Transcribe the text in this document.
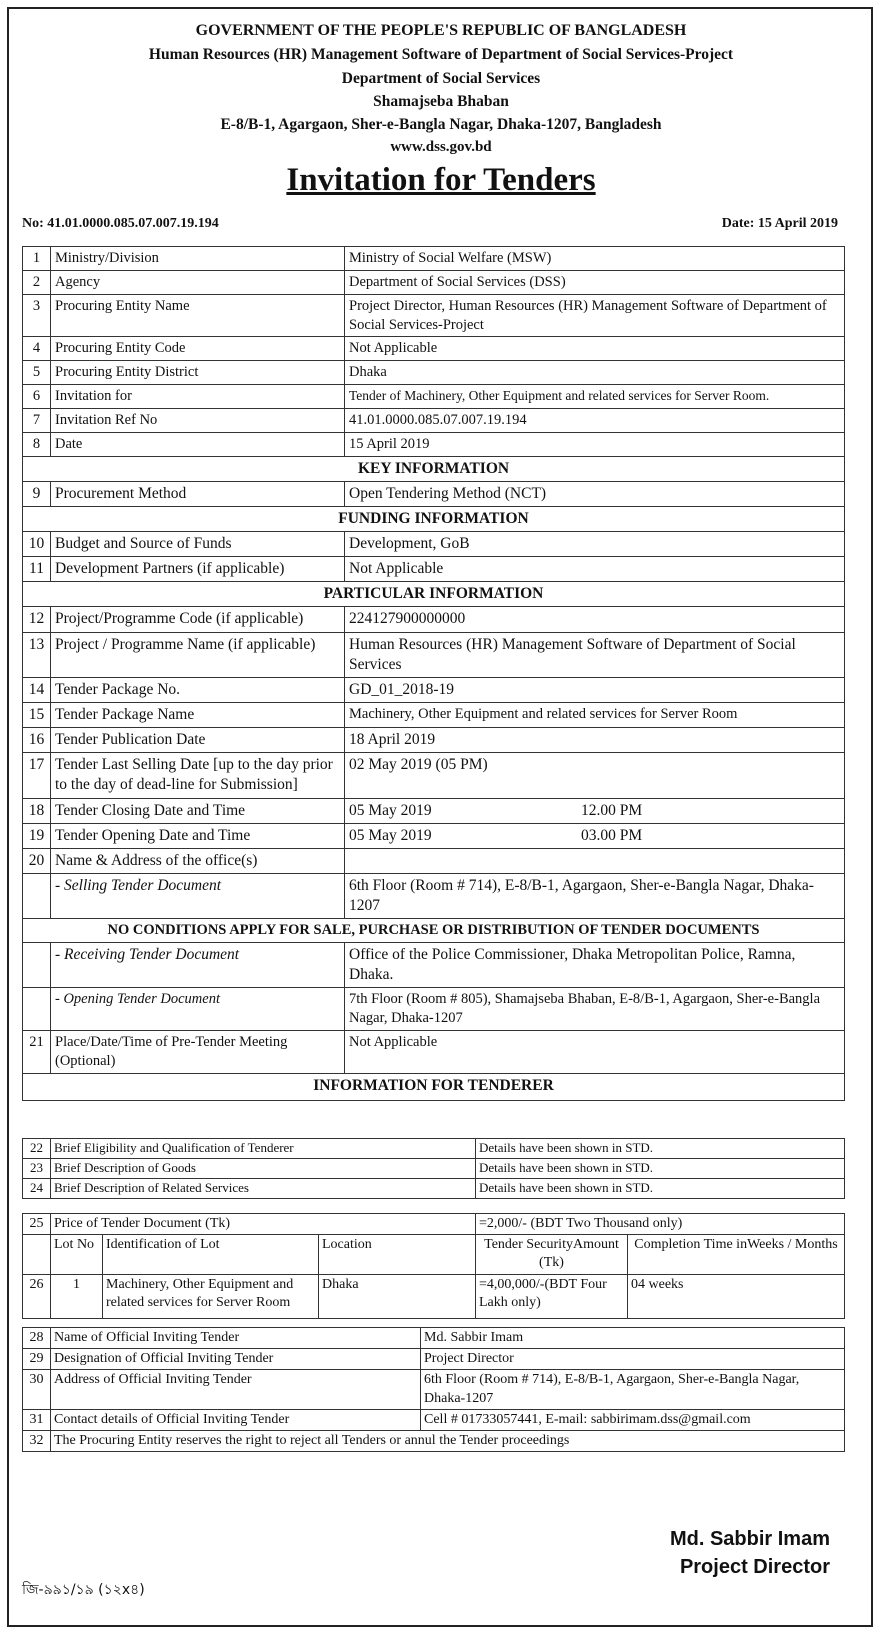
GOVERNMENT OF THE PEOPLE'S REPUBLIC OF BANGLADESH
Human Resources (HR) Management Software of Department of Social Services-Project
Department of Social Services
Shamajseba Bhaban
E-8/B-1, Agargaon, Sher-e-Bangla Nagar, Dhaka-1207, Bangladesh
www.dss.gov.bd
Invitation for Tenders
No: 41.01.0000.085.07.007.19.194	Date: 15 April 2019
1	Ministry/Division	Ministry of Social Welfare (MSW)
2	Agency	Department of Social Services (DSS)
3	Procuring Entity Name	Project Director, Human Resources (HR) Management Software of Department of Social Services-Project
4	Procuring Entity Code	Not Applicable
5	Procuring Entity District	Dhaka
6	Invitation for	Tender of Machinery, Other Equipment and related services for Server Room.
7	Invitation Ref No	41.01.0000.085.07.007.19.194
8	Date	15 April 2019
KEY INFORMATION		
9	Procurement Method	Open Tendering Method (NCT)
FUNDING INFORMATION		
10	Budget and Source of Funds	Development, GoB
11	Development Partners (if applicable)	Not Applicable
PARTICULAR INFORMATION		
12	Project/Programme Code (if applicable)	224127900000000
13	Project / Programme Name (if applicable)	Human Resources (HR) Management Software of Department of Social Services
14	Tender Package No.	GD_01_2018-19
15	Tender Package Name	Machinery, Other Equipment and related services for Server Room
16	Tender Publication Date	18 April 2019
17	Tender Last Selling Date [up to the day prior to the day of dead-line for Submission]	02 May 2019 (05 PM)
18	Tender Closing Date and Time	05 May 2019 12.00 PM
19	Tender Opening Date and Time	05 May 2019 03.00 PM
20	Name & Address of the office(s)	
	- Selling Tender Document	6th Floor (Room # 714), E-8/B-1, Agargaon, Sher-e-Bangla Nagar, Dhaka-1207
NO CONDITIONS APPLY FOR SALE, PURCHASE OR DISTRIBUTION OF TENDER DOCUMENTS		
	- Receiving Tender Document	Office of the Police Commissioner, Dhaka Metropolitan Police, Ramna, Dhaka.
	- Opening Tender Document	7th Floor (Room # 805), Shamajseba Bhaban, E-8/B-1, Agargaon, Sher-e-Bangla Nagar, Dhaka-1207
21	Place/Date/Time of Pre-Tender Meeting (Optional)	Not Applicable
INFORMATION FOR TENDERER		
22	Brief Eligibility and Qualification of Tenderer	Details have been shown in STD.
23	Brief Description of Goods	Details have been shown in STD.
24	Brief Description of Related Services	Details have been shown in STD.
25	Price of Tender Document (Tk)			=2,000/- (BDT Two Thousand only)	
	Lot No	Identification of Lot	Location	Tender SecurityAmount (Tk)	Completion Time inWeeks / Months
26	1	Machinery, Other Equipment and related services for Server Room	Dhaka	=4,00,000/-(BDT Four Lakh only)	04 weeks
28	Name of Official Inviting Tender	Md. Sabbir Imam
29	Designation of Official Inviting Tender	Project Director
30	Address of Official Inviting Tender	6th Floor (Room # 714), E-8/B-1, Agargaon, Sher-e-Bangla Nagar, Dhaka-1207
31	Contact details of Official Inviting Tender	Cell # 01733057441, E-mail: sabbirimam.dss@gmail.com
32	The Procuring Entity reserves the right to reject all Tenders or annul the Tender proceedings	
Md. Sabbir Imam
Project Director
জি-৯৯১/১৯ (১২x৪)
